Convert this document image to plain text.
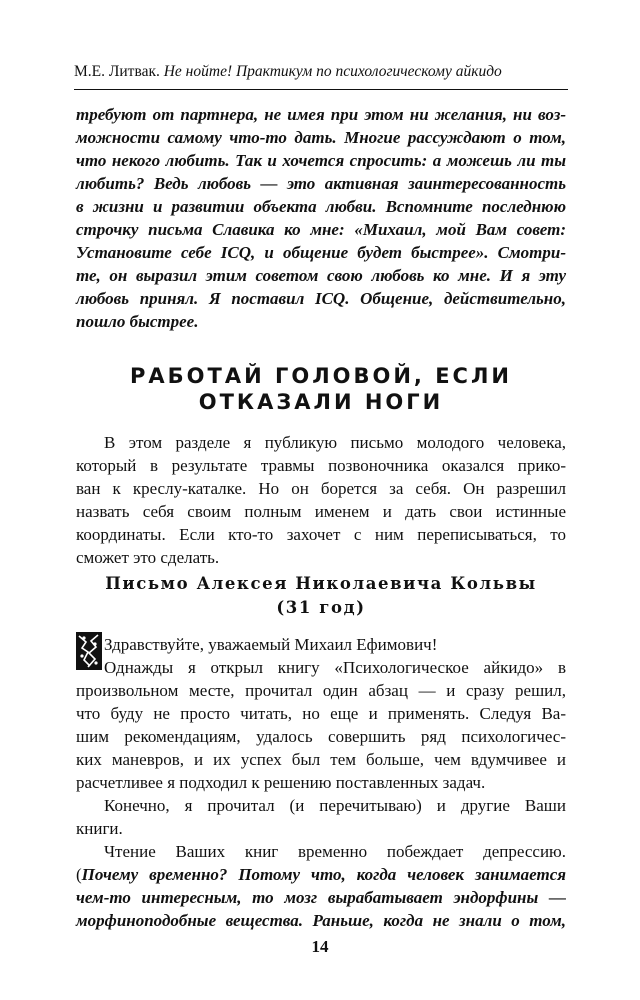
М.Е. Литвак. Не нойте! Практикум по психологическому айкидо
требуют от партнера, не имея при этом ни желания, ни воз-
можности самому что-то дать. Многие рассуждают о том,
что некого любить. Так и хочется спросить: а можешь ли ты
любить? Ведь любовь — это активная заинтересованность
в жизни и развитии объекта любви. Вспомните последнюю
строчку письма Славика ко мне: «Михаил, мой Вам совет:
Установите себе ICQ, и общение будет быстрее». Смотри-
те, он выразил этим советом свою любовь ко мне. И я эту
любовь принял. Я поставил ICQ. Общение, действительно,
пошло быстрее.
РАБОТАЙ ГОЛОВОЙ, ЕСЛИ
ОТКАЗАЛИ НОГИ
В этом разделе я публикую письмо молодого человека,
который в результате травмы позвоночника оказался прико-
ван к креслу-каталке. Но он борется за себя. Он разрешил
назвать себя своим полным именем и дать свои истинные
координаты. Если кто-то захочет с ним переписываться, то
сможет это сделать.
Письмо Алексея Николаевича Кольвы
(31 год)
Здравствуйте, уважаемый Михаил Ефимович!
Однажды я открыл книгу «Психологическое айкидо» в
произвольном месте, прочитал один абзац — и сразу решил,
что буду не просто читать, но еще и применять. Следуя Ва-
шим рекомендациям, удалось совершить ряд психологичес-
ких маневров, и их успех был тем больше, чем вдумчивее и
расчетливее я подходил к решению поставленных задач.
Конечно, я прочитал (и перечитываю) и другие Ваши
книги.
Чтение Ваших книг временно побеждает депрессию.
(Почему временно? Потому что, когда человек занимается
чем-то интересным, то мозг вырабатывает эндорфины —
морфиноподобные вещества. Раньше, когда не знали о том,
14
